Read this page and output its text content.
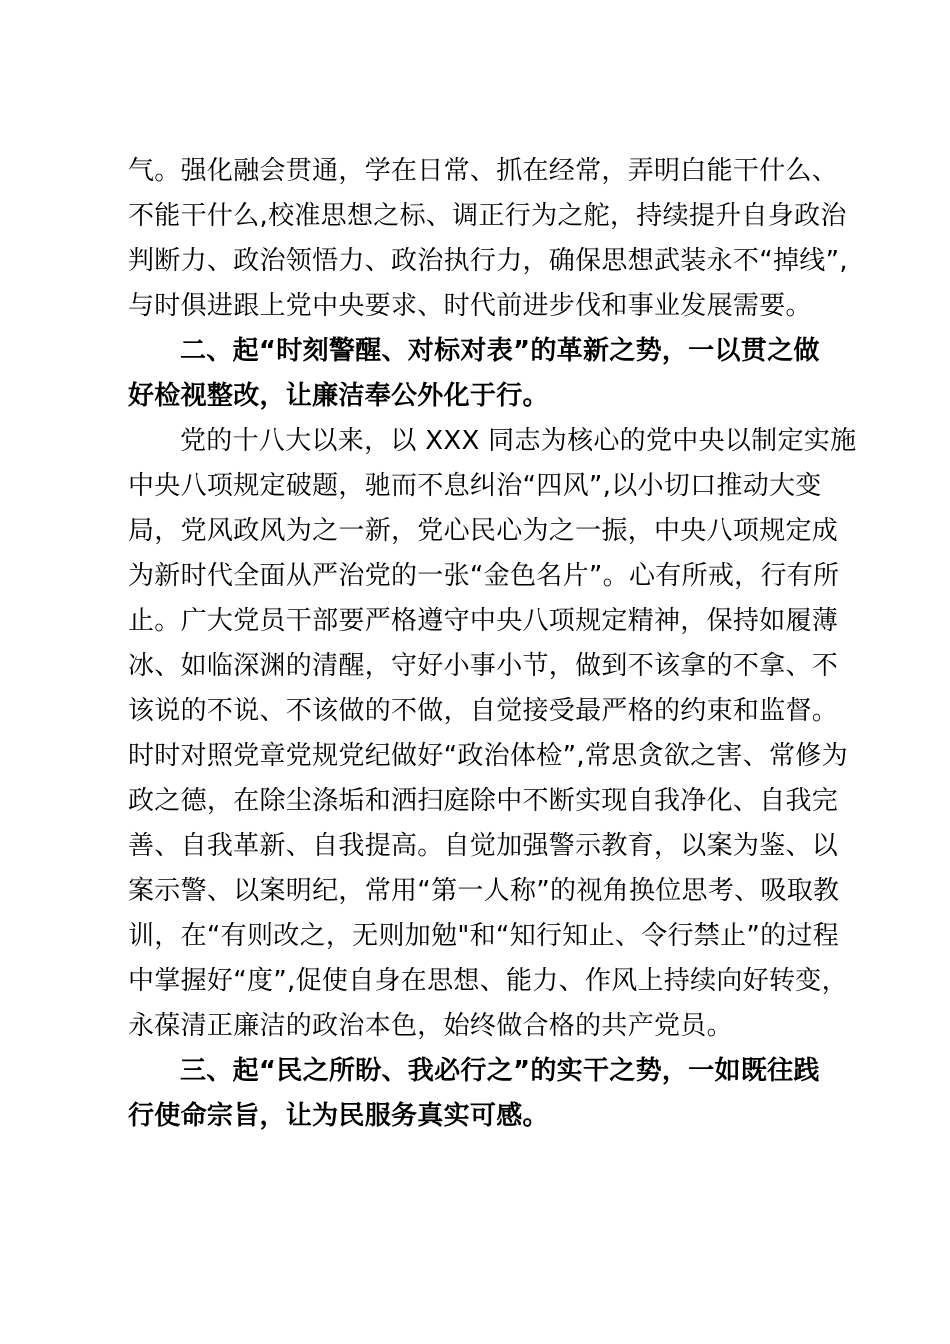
气。强化融会贯通，学在日常、抓在经常，弄明白能干什么、
不能干什么,校准思想之标、调正行为之舵，持续提升自身政治
判断力、政治领悟力、政治执行力，确保思想武装永不“掉线”,
与时俱进跟上党中央要求、时代前进步伐和事业发展需要。
二、起“时刻警醒、对标对表”的革新之势，一以贯之做
好检视整改，让廉洁奉公外化于行。
党的十八大以来，以 XXX 同志为核心的党中央以制定实施
中央八项规定破题，驰而不息纠治“四风”,以小切口推动大变
局，党风政风为之一新，党心民心为之一振，中央八项规定成
为新时代全面从严治党的一张“金色名片”。心有所戒，行有所
止。广大党员干部要严格遵守中央八项规定精神，保持如履薄
冰、如临深渊的清醒，守好小事小节，做到不该拿的不拿、不
该说的不说、不该做的不做，自觉接受最严格的约束和监督。
时时对照党章党规党纪做好“政治体检”,常思贪欲之害、常修为
政之德，在除尘涤垢和洒扫庭除中不断实现自我净化、自我完
善、自我革新、自我提高。自觉加强警示教育，以案为鉴、以
案示警、以案明纪，常用“第一人称”的视角换位思考、吸取教
训，在“有则改之，无则加勉"和“知行知止、令行禁止”的过程
中掌握好“度”,促使自身在思想、能力、作风上持续向好转变，
永葆清正廉洁的政治本色，始终做合格的共产党员。
三、起“民之所盼、我必行之”的实干之势，一如既往践
行使命宗旨，让为民服务真实可感。
